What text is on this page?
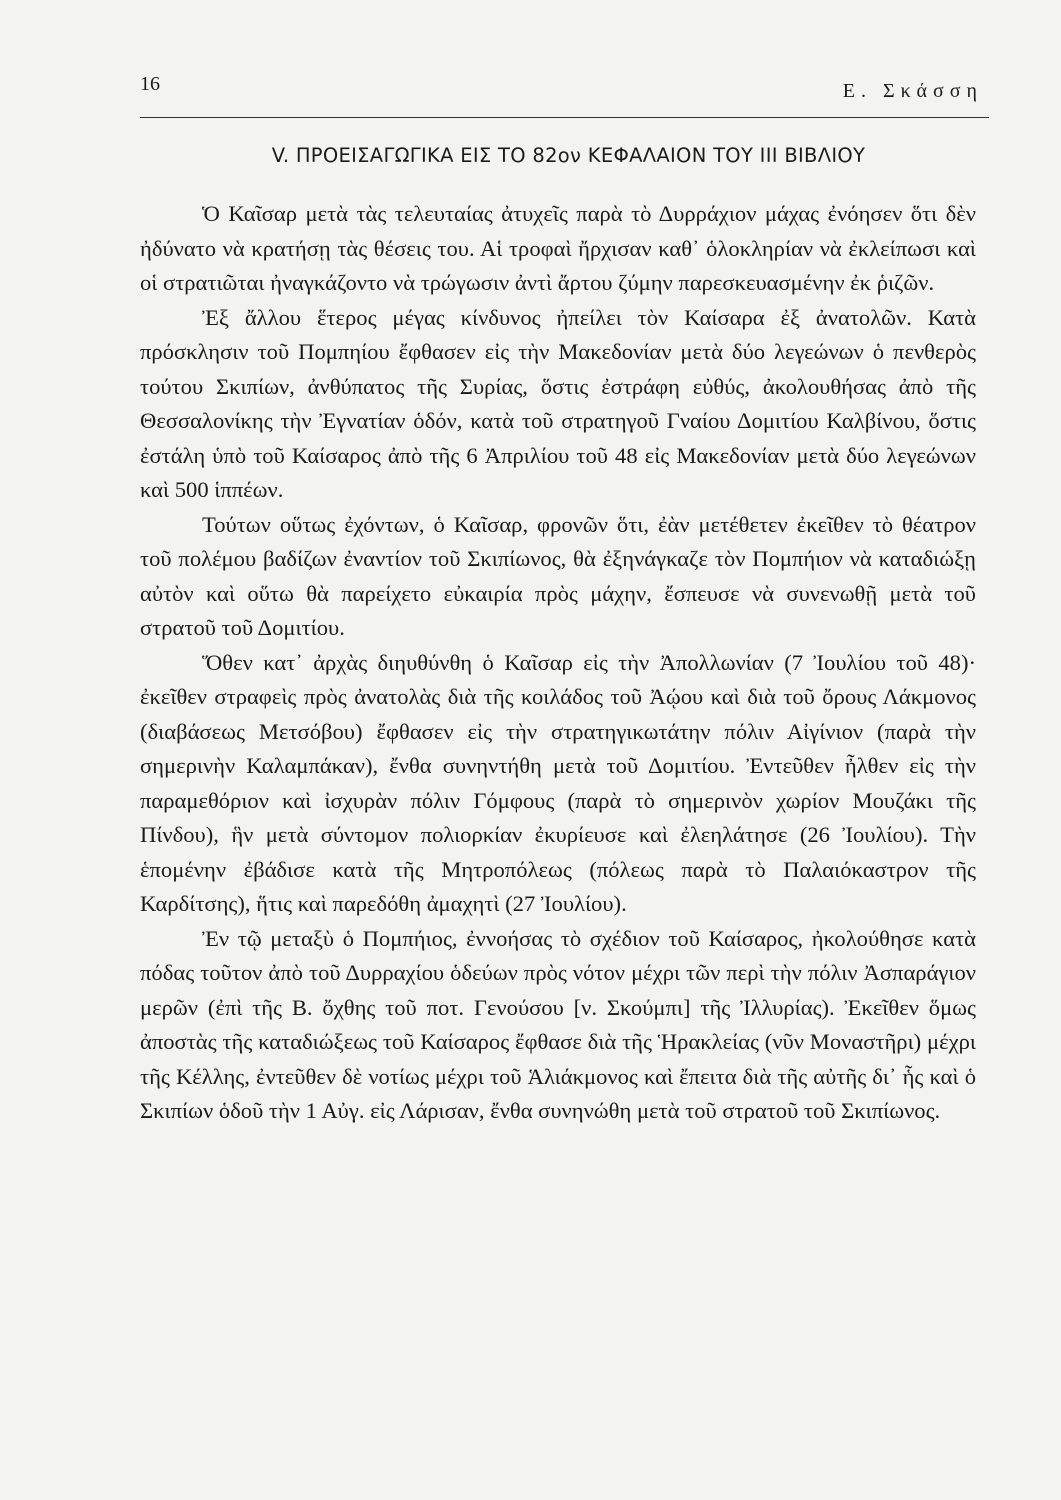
16	Ε. Σκάσση
V. ΠΡΟΕΙΣΑΓΩΓΙΚΑ ΕΙΣ ΤΟ 82ον ΚΕΦΑΛΑΙΟΝ ΤΟΥ ΙΙΙ ΒΙΒΛΙΟΥ

Ὁ Καῖσαρ μετὰ τὰς τελευταίας ἀτυχεῖς παρὰ τὸ Δυρράχιον μάχας ἐνόησεν ὅτι δὲν ἠδύνατο νὰ κρατήσῃ τὰς θέσεις του. Αἱ τροφαὶ ἤρχισαν καθ᾿ ὁλοκληρίαν νὰ ἐκλείπωσι καὶ οἱ στρατιῶται ἠναγκάζοντο νὰ τρώγωσιν ἀντὶ ἄρτου ζύμην παρεσκευασμένην ἐκ ῥιζῶν.

Ἐξ ἄλλου ἕτερος μέγας κίνδυνος ἠπείλει τὸν Καίσαρα ἐξ ἀνατολῶν. Κατὰ πρόσκλησιν τοῦ Πομπηίου ἔφθασεν εἰς τὴν Μακεδονίαν μετὰ δύο λεγεώνων ὁ πενθερὸς τούτου Σκιπίων, ἀνθύπατος τῆς Συρίας, ὅστις ἐστράφη εὐθύς, ἀκολουθήσας ἀπὸ τῆς Θεσσαλονίκης τὴν Ἐγνατίαν ὁδόν, κατὰ τοῦ στρατηγοῦ Γναίου Δομιτίου Καλβίνου, ὅστις ἐστάλη ὑπὸ τοῦ Καίσαρος ἀπὸ τῆς 6 Ἀπριλίου τοῦ 48 εἰς Μακεδονίαν μετὰ δύο λεγεώνων καὶ 500 ἱππέων.

Τούτων οὕτως ἐχόντων, ὁ Καῖσαρ, φρονῶν ὅτι, ἐὰν μετέθετεν ἐκεῖθεν τὸ θέατρον τοῦ πολέμου βαδίζων ἐναντίον τοῦ Σκιπίωνος, θὰ ἐξηνάγκαζε τὸν Πομπήιον νὰ καταδιώξῃ αὐτὸν καὶ οὕτω θὰ παρείχετο εὐκαιρία πρὸς μάχην, ἔσπευσε νὰ συνενωθῇ μετὰ τοῦ στρατοῦ τοῦ Δομιτίου.

Ὅθεν κατ᾿ ἀρχὰς διηυθύνθη ὁ Καῖσαρ εἰς τὴν Ἀπολλωνίαν (7 Ἰουλίου τοῦ 48)· ἐκεῖθεν στραφεὶς πρὸς ἀνατολὰς διὰ τῆς κοιλάδος τοῦ Ἀῴου καὶ διὰ τοῦ ὄρους Λάκμονος (διαβάσεως Μετσόβου) ἔφθασεν εἰς τὴν στρατηγικωτάτην πόλιν Αἰγίνιον (παρὰ τὴν σημερινὴν Καλαμπάκαν), ἔνθα συνηντήθη μετὰ τοῦ Δομιτίου. Ἐντεῦθεν ἦλθεν εἰς τὴν παραμεθόριον καὶ ἰσχυρὰν πόλιν Γόμφους (παρὰ τὸ σημερινὸν χωρίον Μουζάκι τῆς Πίνδου), ἣν μετὰ σύντομον πολιορκίαν ἐκυρίευσε καὶ ἐλεηλάτησε (26 Ἰουλίου). Τὴν ἑπομένην ἐβάδισε κατὰ τῆς Μητροπόλεως (πόλεως παρὰ τὸ Παλαιόκαστρον τῆς Καρδίτσης), ἥτις καὶ παρεδόθη ἀμαχητὶ (27 Ἰουλίου).

Ἐν τῷ μεταξὺ ὁ Πομπήιος, ἐννοήσας τὸ σχέδιον τοῦ Καίσαρος, ἠκολούθησε κατὰ πόδας τοῦτον ἀπὸ τοῦ Δυρραχίου ὁδεύων πρὸς νότον μέχρι τῶν περὶ τὴν πόλιν Ἀσπαράγιον μερῶν (ἐπὶ τῆς Β. ὄχθης τοῦ ποτ. Γενούσου [ν. Σκούμπι] τῆς Ἰλλυρίας). Ἐκεῖθεν ὅμως ἀποστὰς τῆς καταδιώξεως τοῦ Καίσαρος ἔφθασε διὰ τῆς Ἡρακλείας (νῦν Μοναστῆρι) μέχρι τῆς Κέλλης, ἐντεῦθεν δὲ νοτίως μέχρι τοῦ Ἁλιάκμονος καὶ ἔπειτα διὰ τῆς αὐτῆς δι᾿ ἧς καὶ ὁ Σκιπίων ὁδοῦ τὴν 1 Αὐγ. εἰς Λάρισαν, ἔνθα συνηνώθη μετὰ τοῦ στρατοῦ τοῦ Σκιπίωνος.
